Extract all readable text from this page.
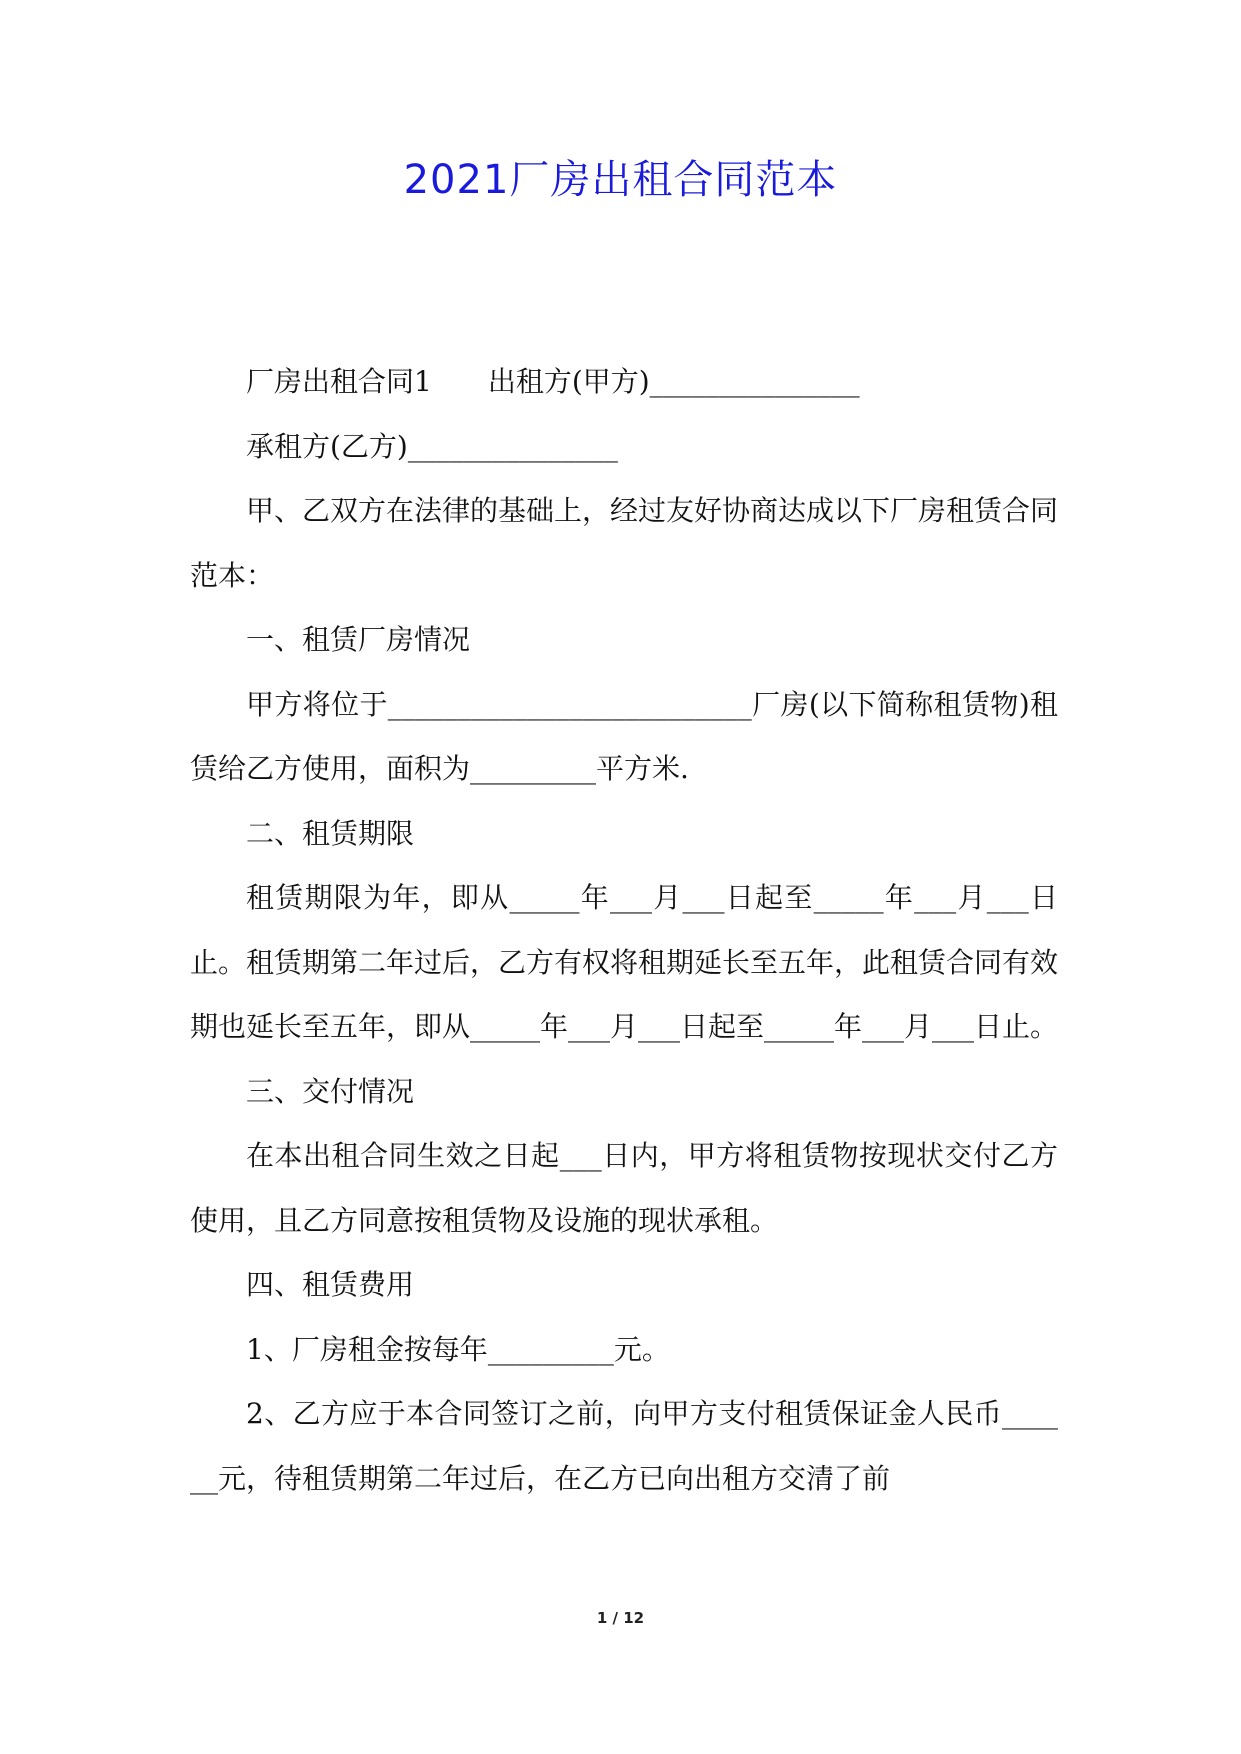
2021厂房出租合同范本

厂房出租合同1　　出租方(甲方)_______________

承租方(乙方)_______________

甲、乙双方在法律的基础上，经过友好协商达成以下厂房租赁合同范本：

一、租赁厂房情况

甲方将位于__________________________厂房(以下简称租赁物)租赁给乙方使用，面积为_________平方米.

二、租赁期限

租赁期限为年，即从_____年___月___日起至_____年___月___日止。租赁期第二年过后，乙方有权将租期延长至五年，此租赁合同有效期也延长至五年，即从_____年___月___日起至_____年___月___日止。

三、交付情况

在本出租合同生效之日起___日内，甲方将租赁物按现状交付乙方使用，且乙方同意按租赁物及设施的现状承租。

四、租赁费用

1、厂房租金按每年_________元。

2、乙方应于本合同签订之前，向甲方支付租赁保证金人民币______元，待租赁期第二年过后，在乙方已向出租方交清了前

1 / 12
